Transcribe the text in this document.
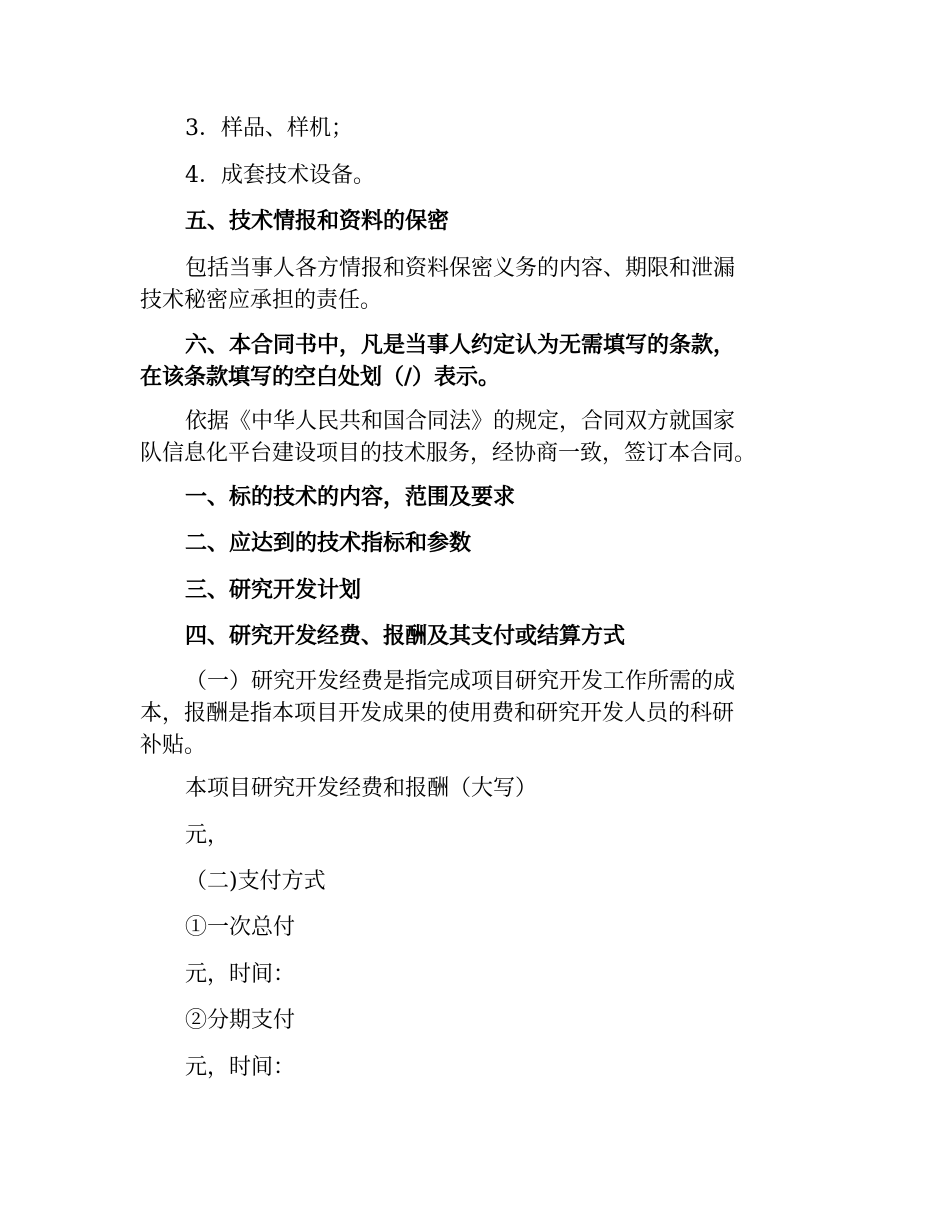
3．样品、样机；
4．成套技术设备。
五、技术情报和资料的保密
包括当事人各方情报和资料保密义务的内容、期限和泄漏
技术秘密应承担的责任。
六、本合同书中，凡是当事人约定认为无需填写的条款，
在该条款填写的空白处划（/）表示。
依据《中华人民共和国合同法》的规定，合同双方就国家
队信息化平台建设项目的技术服务，经协商一致，签订本合同。
一、标的技术的内容，范围及要求
二、应达到的技术指标和参数
三、研究开发计划
四、研究开发经费、报酬及其支付或结算方式
（一）研究开发经费是指完成项目研究开发工作所需的成
本，报酬是指本项目开发成果的使用费和研究开发人员的科研
补贴。
本项目研究开发经费和报酬（大写）
元，
（二)支付方式
①一次总付
元，时间：
②分期支付
元，时间：
